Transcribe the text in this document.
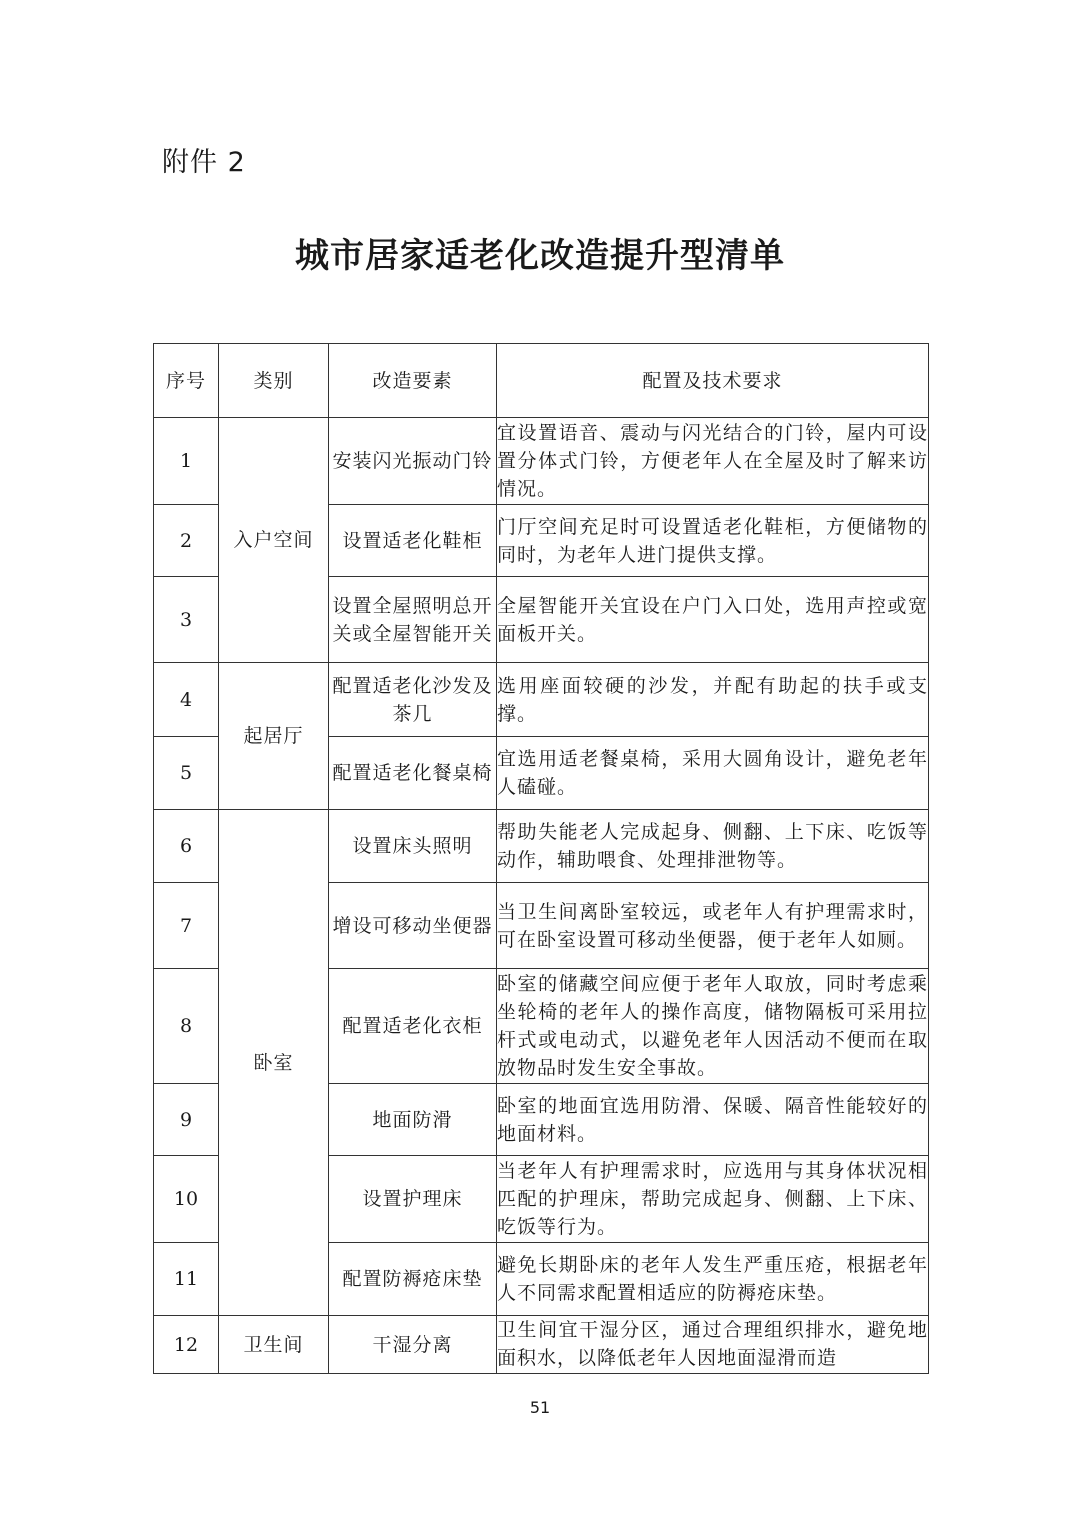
附件 2
城市居家适老化改造提升型清单
序号	类别	改造要素	配置及技术要求
1	入户空间	安装闪光振动门铃	宜设置语音、震动与闪光结合的门铃，屋内可设置分体式门铃，方便老年人在全屋及时了解来访情况。
2		设置适老化鞋柜	门厅空间充足时可设置适老化鞋柜，方便储物的同时，为老年人进门提供支撑。
3		设置全屋照明总开关或全屋智能开关	全屋智能开关宜设在户门入口处，选用声控或宽面板开关。
4	起居厅	配置适老化沙发及茶几	选用座面较硬的沙发，并配有助起的扶手或支撑。
5		配置适老化餐桌椅	宜选用适老餐桌椅，采用大圆角设计，避免老年人磕碰。
6	卧室	设置床头照明	帮助失能老人完成起身、侧翻、上下床、吃饭等动作，辅助喂食、处理排泄物等。
7		增设可移动坐便器	当卫生间离卧室较远，或老年人有护理需求时，可在卧室设置可移动坐便器，便于老年人如厕。
8		配置适老化衣柜	卧室的储藏空间应便于老年人取放，同时考虑乘坐轮椅的老年人的操作高度，储物隔板可采用拉杆式或电动式，以避免老年人因活动不便而在取放物品时发生安全事故。
9		地面防滑	卧室的地面宜选用防滑、保暖、隔音性能较好的地面材料。
10		设置护理床	当老年人有护理需求时，应选用与其身体状况相匹配的护理床，帮助完成起身、侧翻、上下床、吃饭等行为。
11		配置防褥疮床垫	避免长期卧床的老年人发生严重压疮，根据老年人不同需求配置相适应的防褥疮床垫。
12	卫生间	干湿分离	卫生间宜干湿分区，通过合理组织排水，避免地面积水，以降低老年人因地面湿滑而造
51
